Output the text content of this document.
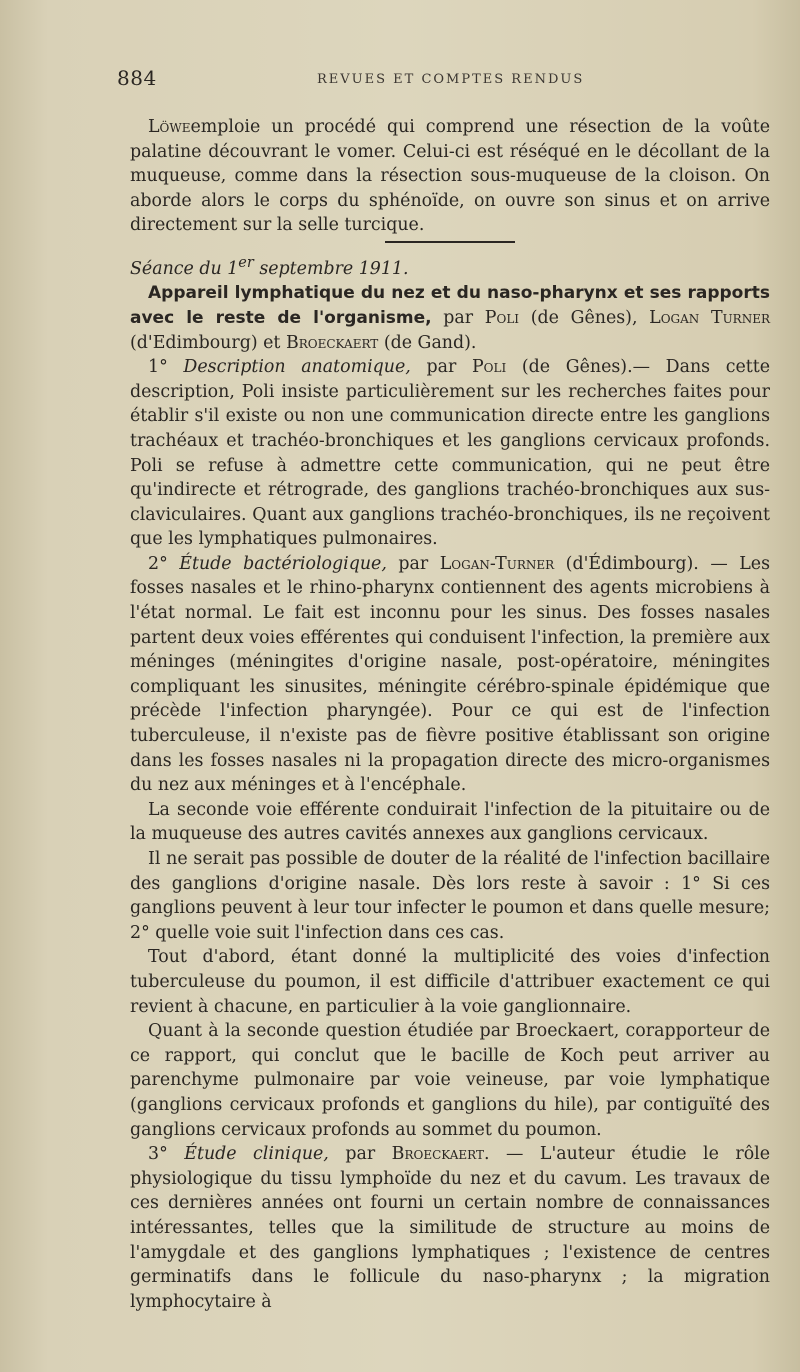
884	REVUES ET COMPTES RENDUS

Löweemploie un procédé qui comprend une résection de la voûte palatine découvrant le vomer. Celui-ci est réséqué en le décollant de la muqueuse, comme dans la résection sous-muqueuse de la cloison. On aborde alors le corps du sphénoïde, on ouvre son sinus et on arrive directement sur la selle turcique.

Séance du 1er septembre 1911.

Appareil lymphatique du nez et du naso-pharynx et ses rapports avec le reste de l'organisme, par Poli (de Gênes), Logan Turner (d'Edimbourg) et Broeckaert (de Gand).

1° Description anatomique, par Poli (de Gênes).— Dans cette description, Poli insiste particulièrement sur les recherches faites pour établir s'il existe ou non une communication directe entre les ganglions trachéaux et trachéo-bronchiques et les ganglions cervicaux profonds. Poli se refuse à admettre cette communication, qui ne peut être qu'indirecte et rétrograde, des ganglions trachéo-bronchiques aux sus-claviculaires. Quant aux ganglions trachéo-bronchiques, ils ne reçoivent que les lymphatiques pulmonaires.

2° Étude bactériologique, par Logan-Turner (d'Édimbourg). — Les fosses nasales et le rhino-pharynx contiennent des agents microbiens à l'état normal. Le fait est inconnu pour les sinus. Des fosses nasales partent deux voies efférentes qui conduisent l'infection, la première aux méninges (méningites d'origine nasale, post-opératoire, méningites compliquant les sinusites, méningite cérébro-spinale épidémique que précède l'infection pharyngée). Pour ce qui est de l'infection tuberculeuse, il n'existe pas de fièvre positive établissant son origine dans les fosses nasales ni la propagation directe des micro-organismes du nez aux méninges et à l'encéphale.

La seconde voie efférente conduirait l'infection de la pituitaire ou de la muqueuse des autres cavités annexes aux ganglions cervicaux.

Il ne serait pas possible de douter de la réalité de l'infection bacillaire des ganglions d'origine nasale. Dès lors reste à savoir : 1° Si ces ganglions peuvent à leur tour infecter le poumon et dans quelle mesure; 2° quelle voie suit l'infection dans ces cas.

Tout d'abord, étant donné la multiplicité des voies d'infection tuberculeuse du poumon, il est difficile d'attribuer exactement ce qui revient à chacune, en particulier à la voie ganglionnaire.

Quant à la seconde question étudiée par Broeckaert, corapporteur de ce rapport, qui conclut que le bacille de Koch peut arriver au parenchyme pulmonaire par voie veineuse, par voie lymphatique (ganglions cervicaux profonds et ganglions du hile), par contiguïté des ganglions cervicaux profonds au sommet du poumon.

3° Étude clinique, par Broeckaert. — L'auteur étudie le rôle physiologique du tissu lymphoïde du nez et du cavum. Les travaux de ces dernières années ont fourni un certain nombre de connaissances intéressantes, telles que la similitude de structure au moins de l'amygdale et des ganglions lymphatiques ; l'existence de centres germinatifs dans le follicule du naso-pharynx ; la migration lymphocytaire à
